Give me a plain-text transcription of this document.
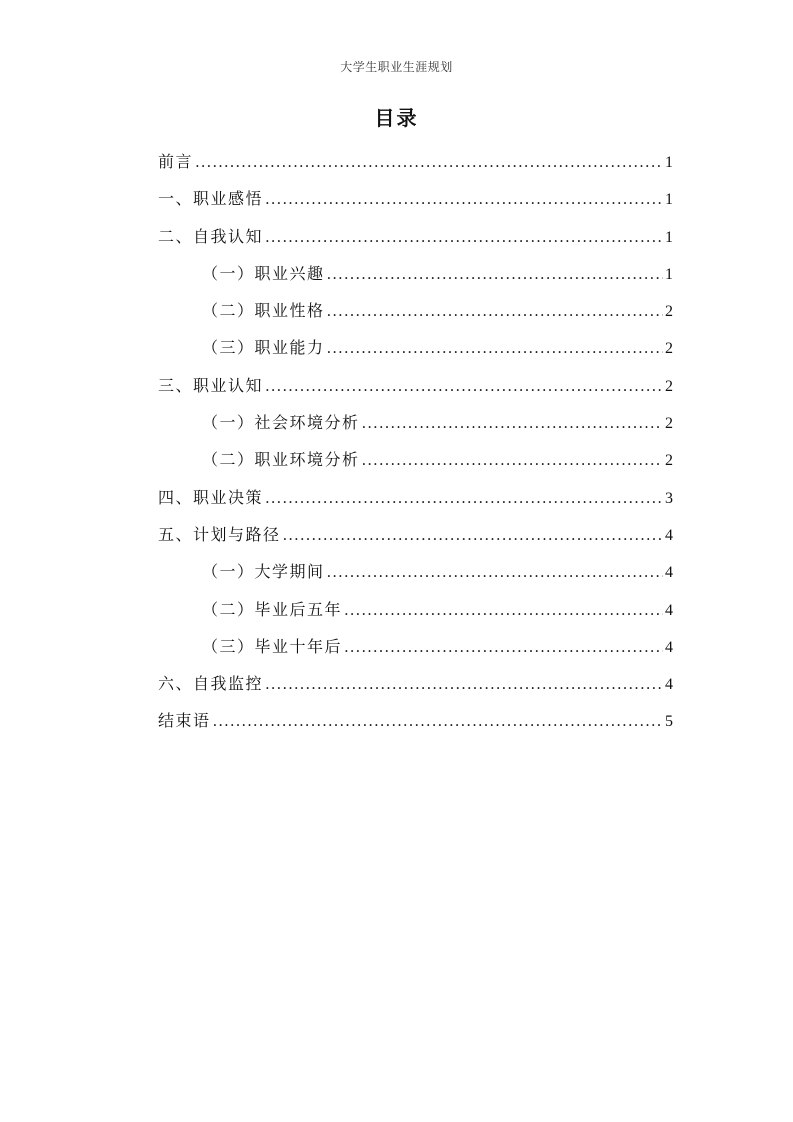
大学生职业生涯规划
目录
前言 .....	1
一、职业感悟 .....	1
二、自我认知 .....	1
（一）职业兴趣 .....	1
（二）职业性格 .....	2
（三）职业能力 .....	2
三、职业认知 .....	2
（一）社会环境分析 .....	2
（二）职业环境分析 .....	2
四、职业决策 .....	3
五、计划与路径 .....	4
（一）大学期间 .....	4
（二）毕业后五年 .....	4
（三）毕业十年后 .....	4
六、自我监控 .....	4
结束语 .....	5
